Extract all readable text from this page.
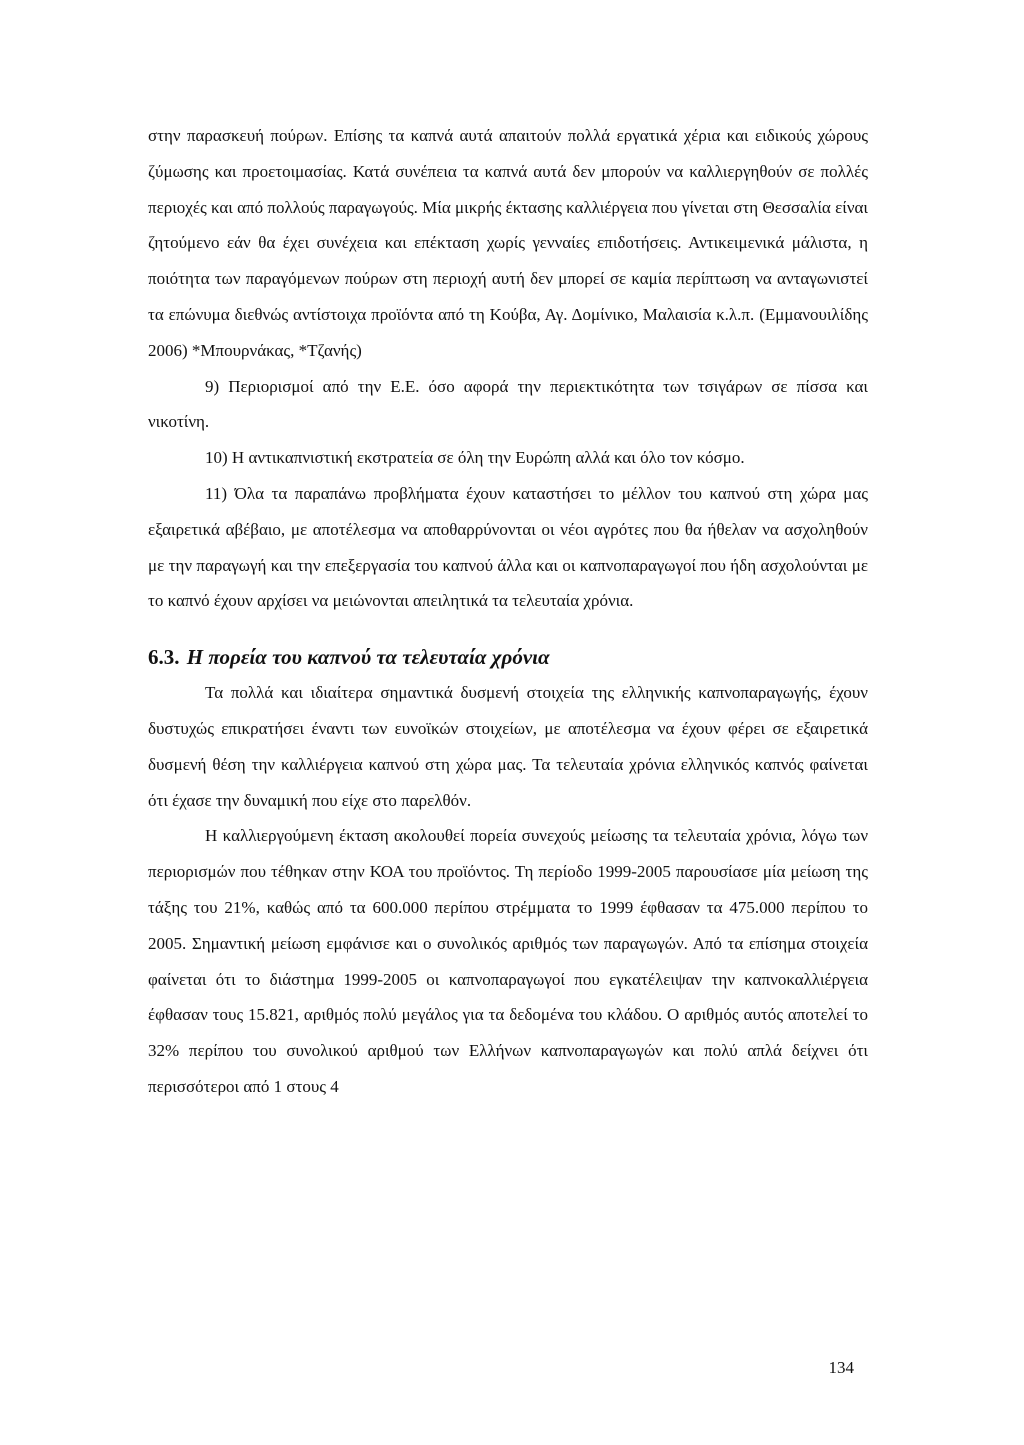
στην παρασκευή πούρων. Επίσης τα καπνά αυτά απαιτούν πολλά εργατικά χέρια και ειδικούς χώρους ζύμωσης και προετοιμασίας. Κατά συνέπεια τα καπνά αυτά δεν μπορούν να καλλιεργηθούν σε πολλές περιοχές και από πολλούς παραγωγούς. Μία μικρής έκτασης καλλιέργεια που γίνεται στη Θεσσαλία είναι ζητούμενο εάν θα έχει συνέχεια και επέκταση χωρίς γενναίες επιδοτήσεις. Αντικειμενικά μάλιστα, η ποιότητα των παραγόμενων πούρων στη περιοχή αυτή δεν μπορεί σε καμία περίπτωση να ανταγωνιστεί τα επώνυμα διεθνώς αντίστοιχα προϊόντα από τη Κούβα, Αγ. Δομίνικο, Μαλαισία κ.λ.π. (Εμμανουιλίδης 2006) *Μπουρνάκας, *Τζανής)

9) Περιορισμοί από την Ε.Ε. όσο αφορά την περιεκτικότητα των τσιγάρων σε πίσσα και νικοτίνη.

10) Η αντικαπνιστική εκστρατεία σε όλη την Ευρώπη αλλά και όλο τον κόσμο.

11) Όλα τα παραπάνω προβλήματα έχουν καταστήσει το μέλλον του καπνού στη χώρα μας εξαιρετικά αβέβαιο, με αποτέλεσμα να αποθαρρύνονται οι νέοι αγρότες που θα ήθελαν να ασχοληθούν με την παραγωγή και την επεξεργασία του καπνού άλλα και οι καπνοπαραγωγοί που ήδη ασχολούνται με το καπνό έχουν αρχίσει να μειώνονται απειλητικά τα τελευταία χρόνια.

6.3. Η πορεία του καπνού τα τελευταία χρόνια

Τα πολλά και ιδιαίτερα σημαντικά δυσμενή στοιχεία της ελληνικής καπνοπαραγωγής, έχουν δυστυχώς επικρατήσει έναντι των ευνοϊκών στοιχείων, με αποτέλεσμα να έχουν φέρει σε εξαιρετικά δυσμενή θέση την καλλιέργεια καπνού στη χώρα μας. Τα τελευταία χρόνια ελληνικός καπνός φαίνεται ότι έχασε την δυναμική που είχε στο παρελθόν.

Η καλλιεργούμενη έκταση ακολουθεί πορεία συνεχούς μείωσης τα τελευταία χρόνια, λόγω των περιορισμών που τέθηκαν στην ΚΟΑ του προϊόντος. Τη περίοδο 1999-2005 παρουσίασε μία μείωση της τάξης του 21%, καθώς από τα 600.000 περίπου στρέμματα το 1999 έφθασαν τα 475.000 περίπου το 2005. Σημαντική μείωση εμφάνισε και ο συνολικός αριθμός των παραγωγών. Από τα επίσημα στοιχεία φαίνεται ότι το διάστημα 1999-2005 οι καπνοπαραγωγοί που εγκατέλειψαν την καπνοκαλλιέργεια έφθασαν τους 15.821, αριθμός πολύ μεγάλος για τα δεδομένα του κλάδου. Ο αριθμός αυτός αποτελεί το 32% περίπου του συνολικού αριθμού των Ελλήνων καπνοπαραγωγών και πολύ απλά δείχνει ότι περισσότεροι από 1 στους 4

134
